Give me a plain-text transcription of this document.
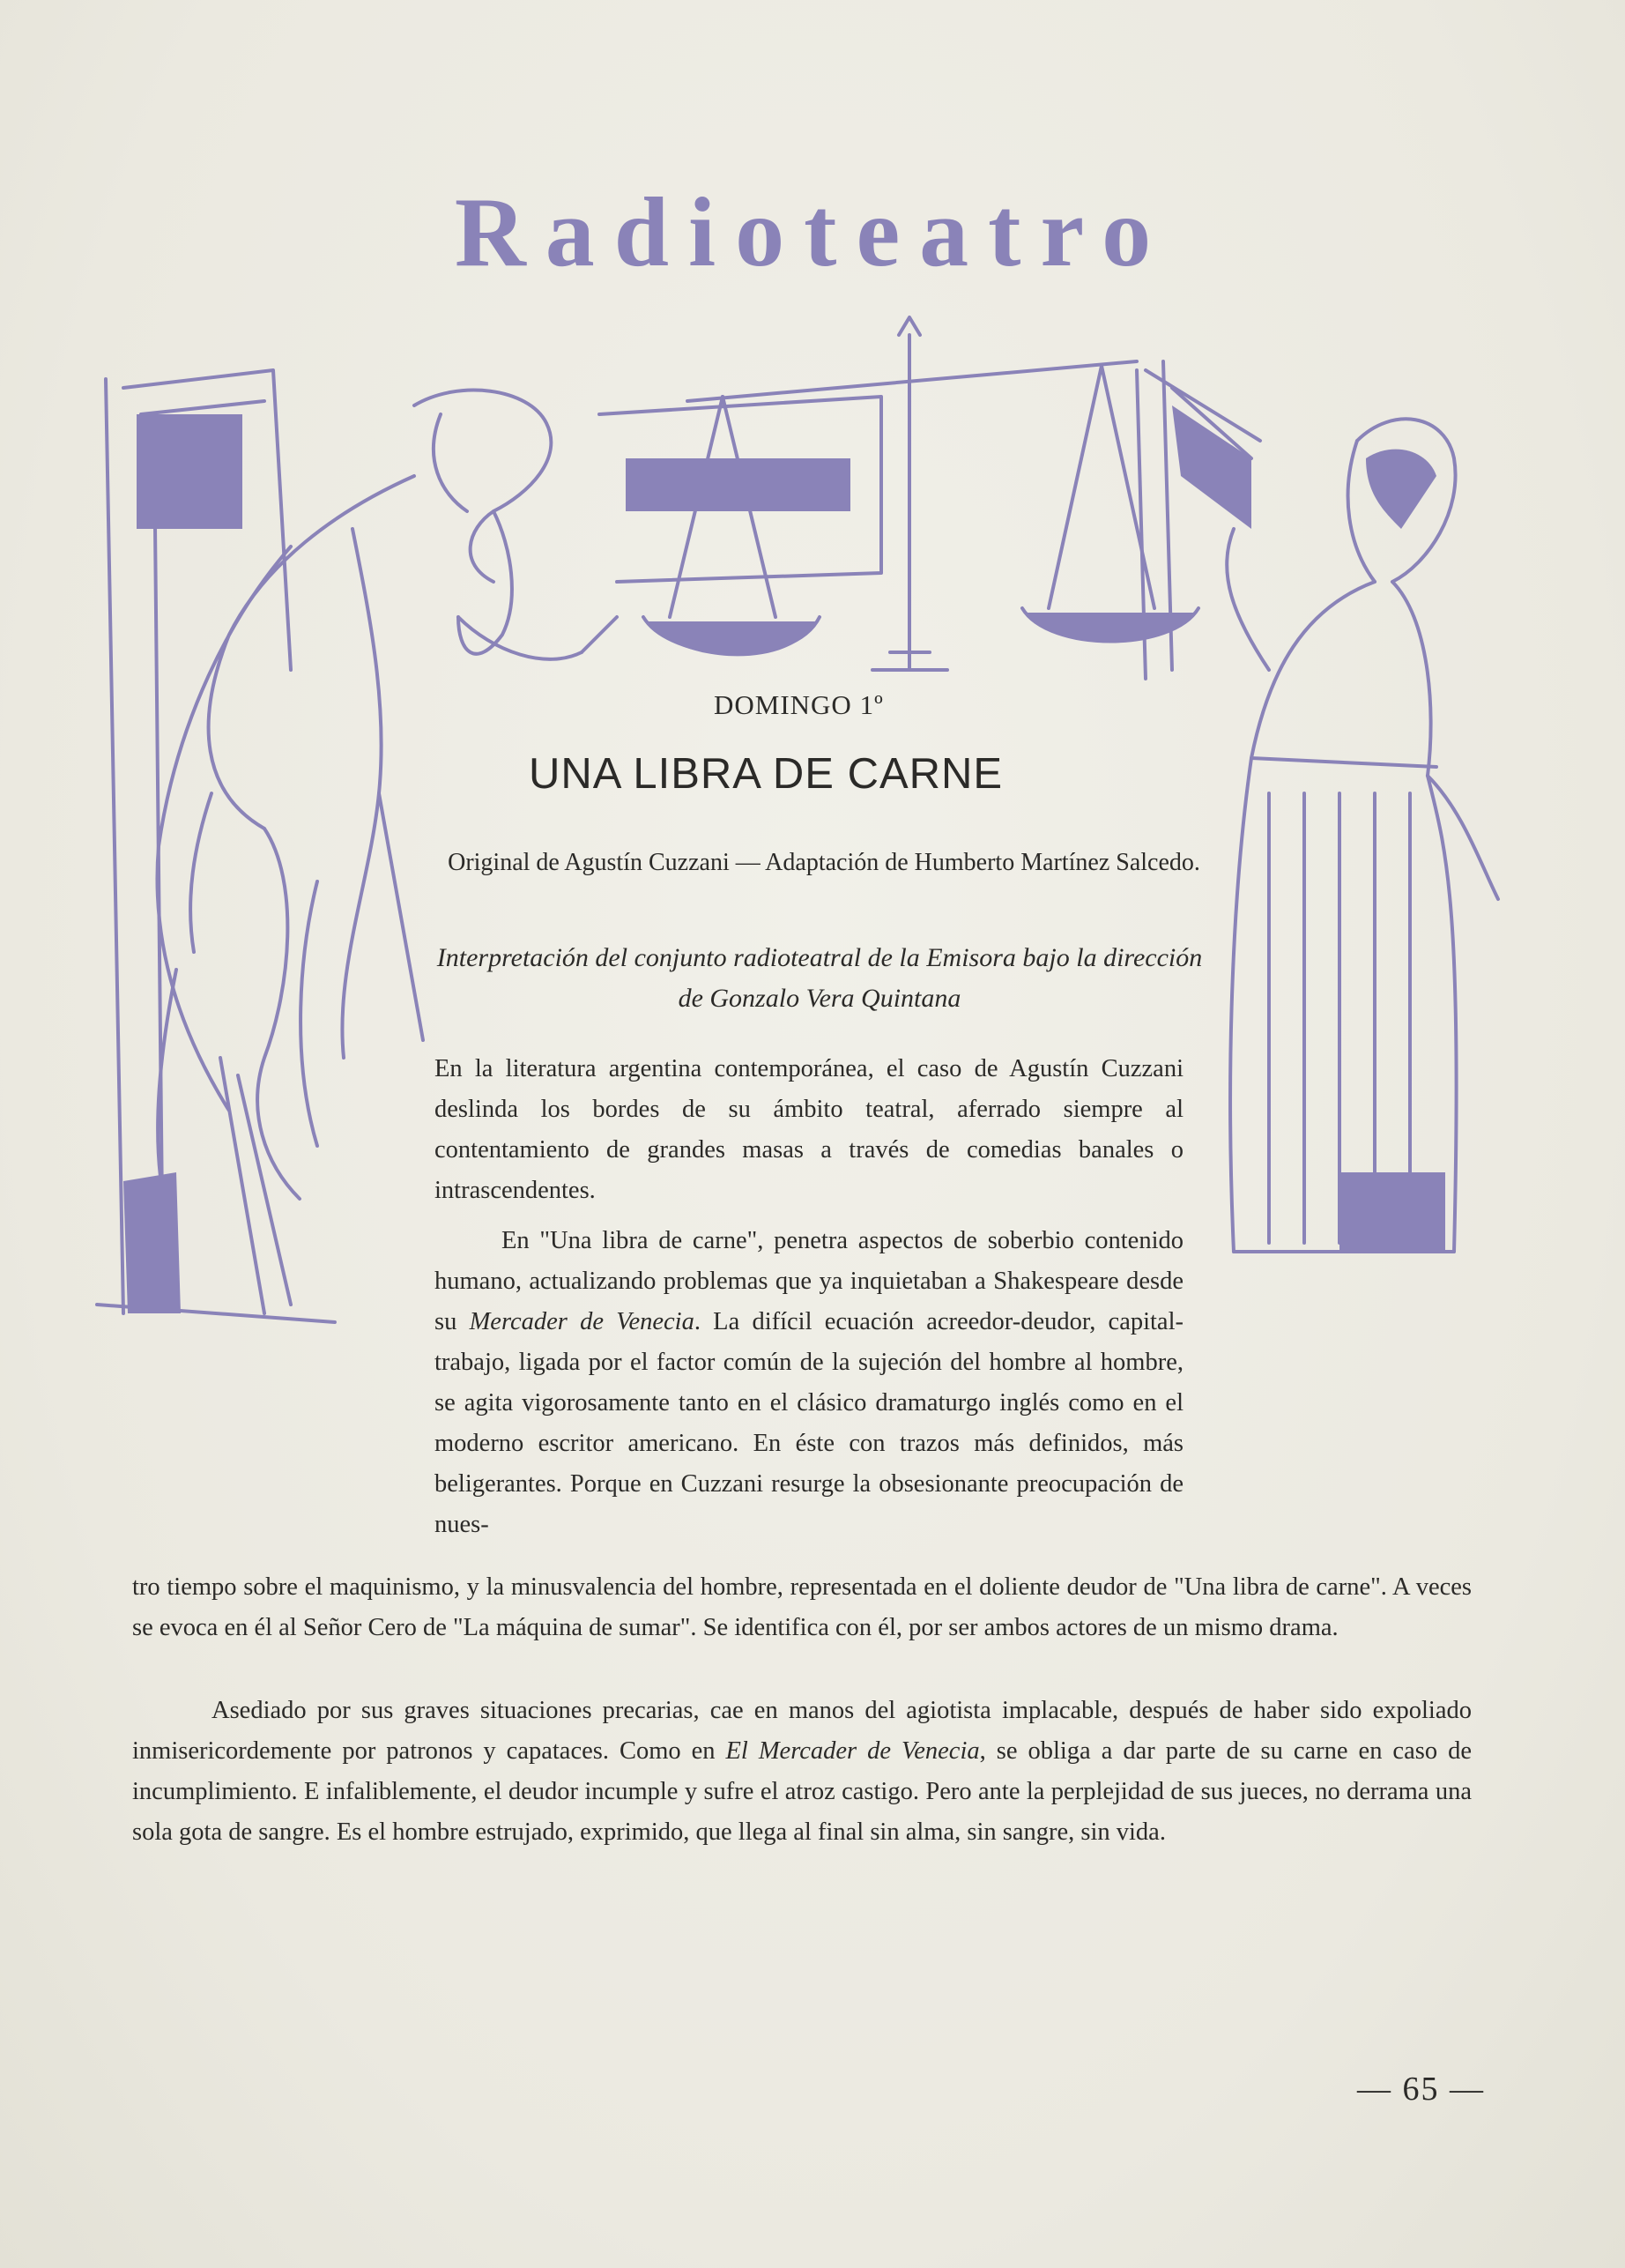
Radioteatro
DOMINGO 1º
UNA LIBRA DE CARNE
Original de Agustín Cuzzani — Adaptación de Humberto Martínez Salcedo.
Interpretación del conjunto radioteatral de la Emisora bajo la dirección de Gonzalo Vera Quintana

En la literatura argentina contemporánea, el caso de Agustín Cuzzani deslinda los bordes de su ámbito teatral, aferrado siempre al contentamiento de grandes masas a través de comedias banales o intrascendentes.

En "Una libra de carne", penetra aspectos de soberbio contenido humano, actualizando problemas que ya inquietaban a Shakespeare desde su Mercader de Venecia. La difícil ecuación acreedor-deudor, capital-trabajo, ligada por el factor común de la sujeción del hombre al hombre, se agita vigorosamente tanto en el clásico dramaturgo inglés como en el moderno escritor americano. En éste con trazos más definidos, más beligerantes. Porque en Cuzzani resurge la obsesionante preocupación de nues-

tro tiempo sobre el maquinismo, y la minusvalencia del hombre, representada en el doliente deudor de "Una libra de carne". A veces se evoca en él al Señor Cero de "La máquina de sumar". Se identifica con él, por ser ambos actores de un mismo drama.

Asediado por sus graves situaciones precarias, cae en manos del agiotista implacable, después de haber sido expoliado inmisericordemente por patronos y capataces. Como en El Mercader de Venecia, se obliga a dar parte de su carne en caso de incumplimiento. E infaliblemente, el deudor incumple y sufre el atroz castigo. Pero ante la perplejidad de sus jueces, no derrama una sola gota de sangre. Es el hombre estrujado, exprimido, que llega al final sin alma, sin sangre, sin vida.

— 65 —
